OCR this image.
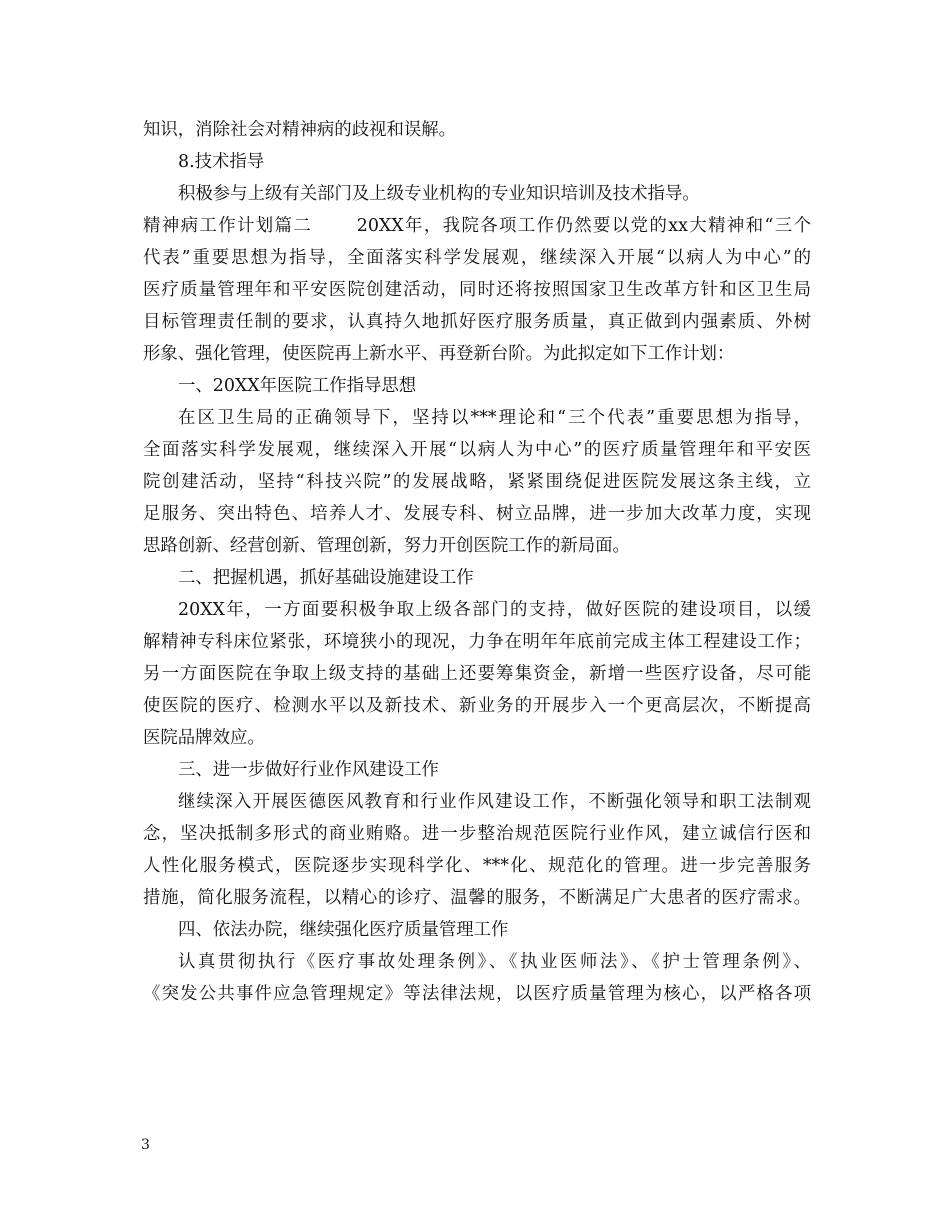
知识，消除社会对精神病的歧视和误解。
8.技术指导
积极参与上级有关部门及上级专业机构的专业知识培训及技术指导。
精神病工作计划篇二　　 20XX年，我院各项工作仍然要以党的xx大精神和“三个
代表”重要思想为指导，全面落实科学发展观，继续深入开展“以病人为中心”的
医疗质量管理年和平安医院创建活动，同时还将按照国家卫生改革方针和区卫生局
目标管理责任制的要求，认真持久地抓好医疗服务质量，真正做到内强素质、外树
形象、强化管理，使医院再上新水平、再登新台阶。为此拟定如下工作计划：
一、20XX年医院工作指导思想
在区卫生局的正确领导下，坚持以***理论和“三个代表”重要思想为指导，
全面落实科学发展观，继续深入开展“以病人为中心”的医疗质量管理年和平安医
院创建活动，坚持“科技兴院”的发展战略，紧紧围绕促进医院发展这条主线，立
足服务、突出特色、培养人才、发展专科、树立品牌，进一步加大改革力度，实现
思路创新、经营创新、管理创新，努力开创医院工作的新局面。
二、把握机遇，抓好基础设施建设工作
20XX年，一方面要积极争取上级各部门的支持，做好医院的建设项目，以缓
解精神专科床位紧张，环境狭小的现况，力争在明年年底前完成主体工程建设工作；
另一方面医院在争取上级支持的基础上还要筹集资金，新增一些医疗设备，尽可能
使医院的医疗、检测水平以及新技术、新业务的开展步入一个更高层次，不断提高
医院品牌效应。
三、进一步做好行业作风建设工作
继续深入开展医德医风教育和行业作风建设工作，不断强化领导和职工法制观
念，坚决抵制多形式的商业贿赂。进一步整治规范医院行业作风，建立诚信行医和
人性化服务模式，医院逐步实现科学化、***化、规范化的管理。进一步完善服务
措施，简化服务流程，以精心的诊疗、温馨的服务，不断满足广大患者的医疗需求。
四、依法办院，继续强化医疗质量管理工作
认真贯彻执行《医疗事故处理条例》、《执业医师法》、《护士管理条例》、
《突发公共事件应急管理规定》等法律法规，以医疗质量管理为核心，以严格各项
3
